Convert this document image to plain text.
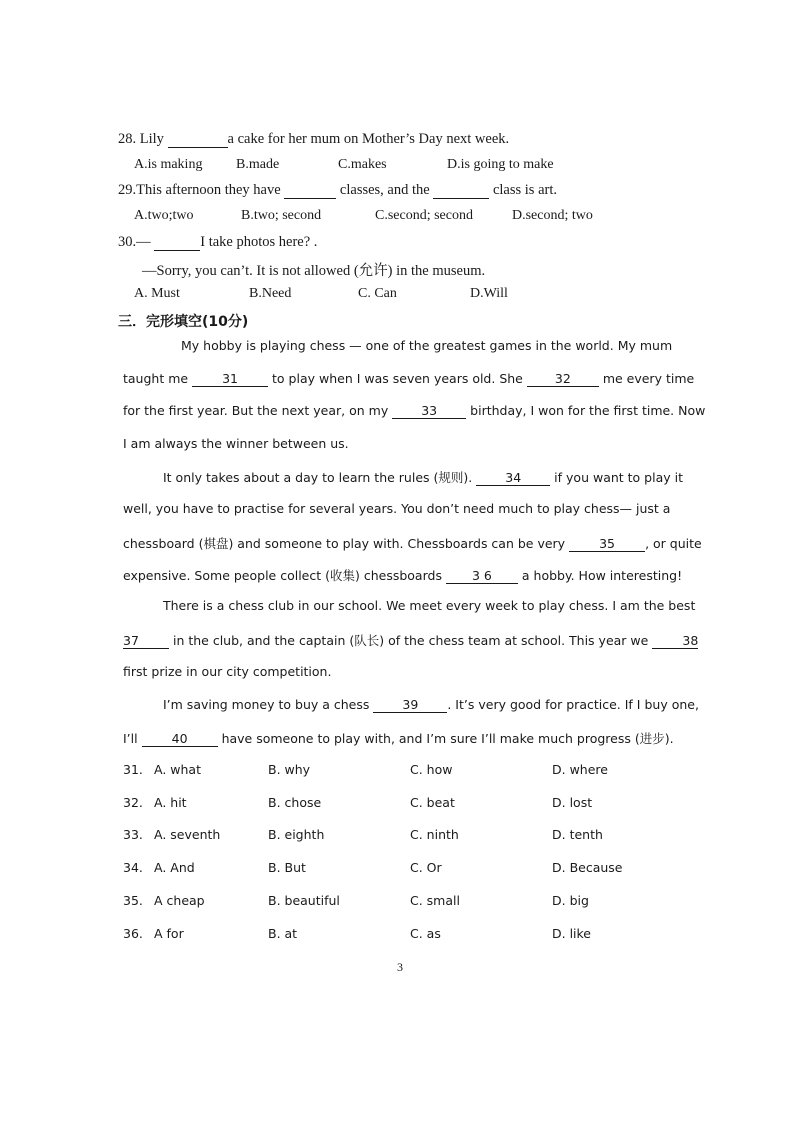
28. Lily	a cake for her mum on Mother’s Day next week.
A.is making B.made	C.makes	D.is going to make
29.This afternoon they have	classes, and the	class is art.
A.two;two	B.two; second	C.second; second	D.second; two
30.—	I take photos here? .
—Sorry, you can’t. It is not allowed (允许) in the museum.
A. Must	B.Need	C. Can	D.Will
三．完形填空(10分)
My hobby is playing chess — one of the greatest games in the world. My mum
taught me 31 to play when I was seven years old. She 32 me every time
for the first year. But the next year, on my 33 birthday, I won for the first time. Now
I am always the winner between us.
It only takes about a day to learn the rules (规则). 34 if you want to play it
well, you have to practise for several years. You don’t need much to play chess— just a
chessboard (棋盘) and someone to play with. Chessboards can be very 35 , or quite
expensive. Some people collect (收集) chessboards 3 6 a hobby. How interesting!
There is a chess club in our school. We meet every week to play chess. I am the best
37 in the club, and the captain (队长) of the chess team at school. This year we 38
first prize in our city competition.
I’m saving money to buy a chess 39 . It’s very good for practice. If I buy one,
I’ll 40 have someone to play with, and I’m sure I’ll make much progress (进步).
31. A. what	B. why	C. how	D. where
32. A. hit	B. chose	C. beat	D. lost
33. A. seventh	B. eighth	C. ninth	D. tenth
34. A. And	B. But	C. Or	D. Because
35. A cheap	B. beautiful	C. small	D. big
36. A for	B. at	C. as	D. like
3
